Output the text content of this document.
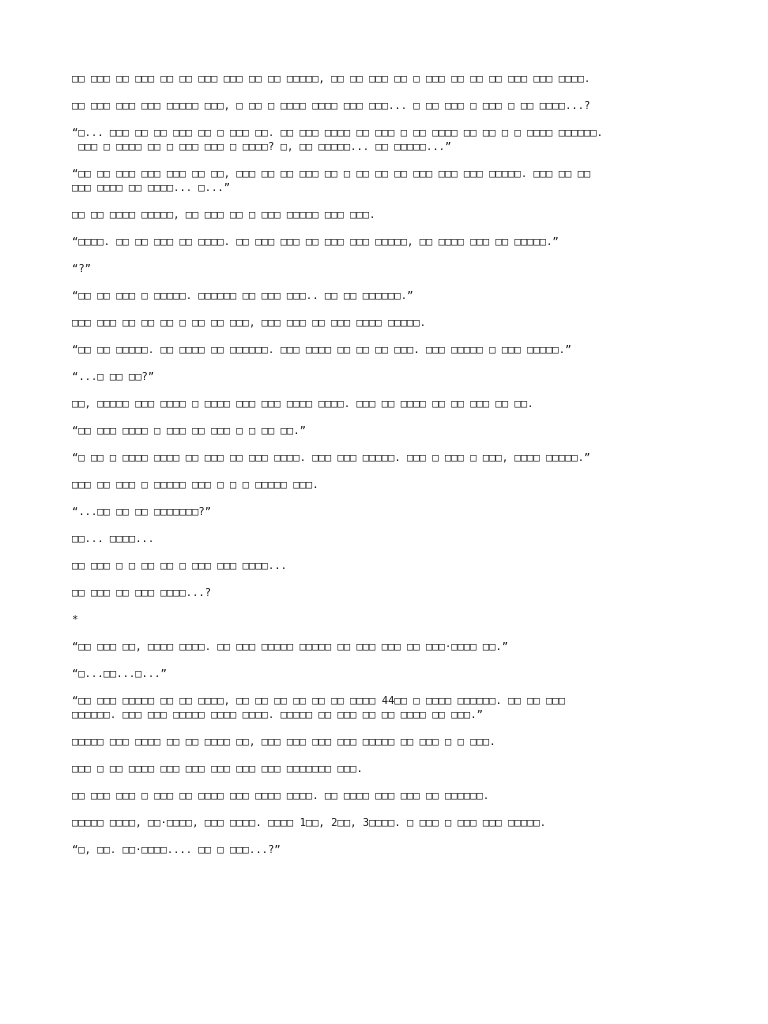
□□ □□□ □□ □□□ □□ □□ □□□ □□□ □□ □□ □□□□□, □□ □□ □□□ □□ □ □□□ □□ □□ □□ □□□ □□□ □□□□.

□□ □□□ □□□ □□□ □□□□□ □□□, □ □□ □ □□□□ □□□□ □□□ □□□... □ □□ □□□ □ □□□ □ □□ □□□□...?

“□... □□□ □□ □□ □□□ □□ □ □□□ □□. □□ □□□ □□□□ □□ □□□ □ □□ □□□□ □□ □□ □ □ □□□□ □□□□□□.
□□□ □ □□□□ □□ □ □□□ □□□ □ □□□□? □, □□ □□□□□... □□ □□□□□...”

“□□ □□ □□□ □□□ □□□ □□ □□, □□□ □□ □□ □□□ □□ □ □□ □□ □□ □□□ □□□ □□□ □□□□□. □□□ □□ □□
□□□ □□□□ □□ □□□□... □...”

□□ □□ □□□□ □□□□□, □□ □□□ □□ □ □□□ □□□□□ □□□ □□□.

“□□□□. □□ □□ □□□ □□ □□□□. □□ □□□ □□□ □□ □□□ □□□ □□□□□, □□ □□□□ □□□ □□ □□□□□.”

“?”

“□□ □□ □□□ □ □□□□□. □□□□□□ □□ □□□ □□□.. □□ □□ □□□□□□.”

□□□ □□□ □□ □□ □□ □ □□ □□ □□□, □□□ □□□ □□ □□□ □□□□ □□□□□.

“□□ □□ □□□□□. □□ □□□□ □□ □□□□□□. □□□ □□□□ □□ □□ □□ □□□. □□□ □□□□□ □ □□□ □□□□□.”

“...□ □□ □□?”

□□, □□□□□ □□□ □□□□ □ □□□□ □□□ □□□ □□□□ □□□□. □□□ □□ □□□□ □□ □□ □□□ □□ □□.

“□□ □□□ □□□□ □ □□□ □□ □□□ □ □ □□ □□.”

“□ □□ □ □□□□ □□□□ □□ □□□ □□ □□□ □□□□. □□□ □□□ □□□□□. □□□ □ □□□ □ □□□, □□□□ □□□□□.”

□□□ □□ □□□ □ □□□□□ □□□ □ □ □ □□□□□ □□□.

“...□□ □□ □□ □□□□□□□?”

□□... □□□□...

□□ □□□ □ □ □□ □□ □ □□□ □□□ □□□□...

□□ □□□ □□ □□□ □□□□...?

*

“□□ □□□ □□, □□□□ □□□□. □□ □□□ □□□□□ □□□□□ □□ □□□ □□□ □□ □□□·□□□□ □□.”

“□...□□...□...”

“□□ □□□ □□□□□ □□ □□ □□□□, □□ □□ □□ □□ □□ □□ □□□□ 44□□ □ □□□□ □□□□□□. □□ □□ □□□
□□□□□□. □□□ □□□ □□□□□ □□□□ □□□□. □□□□□ □□ □□□ □□ □□ □□□□ □□ □□□.”

□□□□□ □□□ □□□□ □□ □□ □□□□ □□, □□□ □□□ □□□ □□□ □□□□□ □□ □□□ □ □ □□□.

□□□ □ □□ □□□□ □□□ □□□ □□□ □□□ □□□ □□□□□□□ □□□.

□□ □□□ □□□ □ □□□ □□ □□□□ □□□ □□□□ □□□□. □□ □□□□ □□□ □□□ □□ □□□□□□.

□□□□□ □□□□, □□·□□□□, □□□ □□□□. □□□□ 1□□, 2□□, 3□□□□. □ □□□ □ □□□ □□□ □□□□□.

“□, □□. □□·□□□□.... □□ □ □□□...?”
